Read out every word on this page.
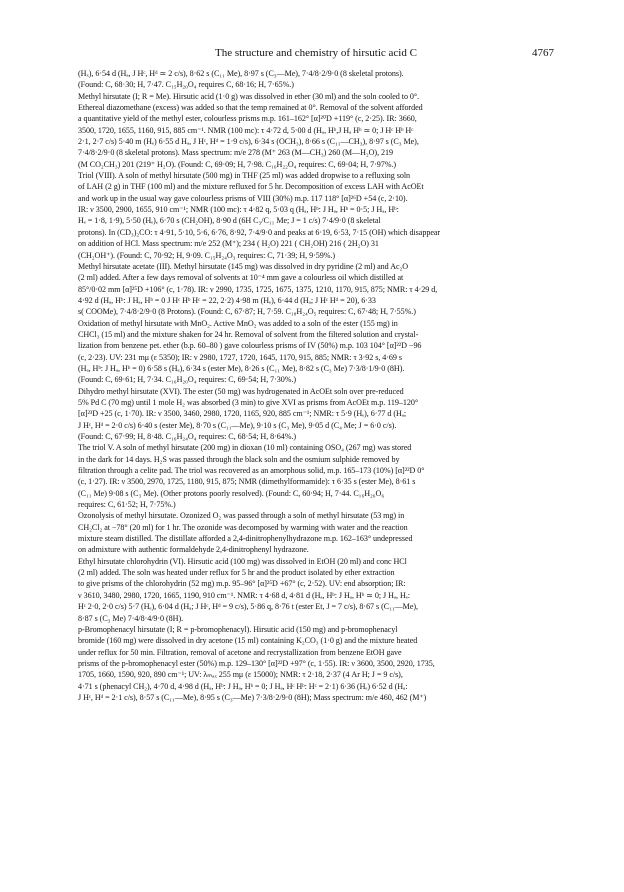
The structure and chemistry of hirsutic acid C	4767
(Hₓ), 6·54 d (Hₐ, J Hᶜ, Hᵈ ≃ 2 c/s), 8·62 s (C₁₁ Me), 8·97 s (C₃—Me), 7·4/8·2/9·0 (8 skeletal protons).
(Found: C, 68·30; H, 7·47. C₁₅H₂₀O₄ requires C, 68·16; H, 7·65%.)
Methyl hirsutate (I; R = Me). Hirsutic acid (1·0 g) was dissolved in ether (30 ml) and the soln cooled to 0°.
Ethereal diazomethane (excess) was added so that the temp remained at 0°. Removal of the solvent afforded
a quantitative yield of the methyl ester, colourless prisms m.p. 161–162° [α]²⁰D +119° (c, 2·25). IR: 3660,
3500, 1720, 1655, 1160, 915, 885 cm⁻¹. NMR (100 mc): τ 4·72 d, 5·00 d (Hₐ, Hᵇ,J Hₐ Hᵇ ≃ 0; J Hᶜ Hᵇ Hᶜ
2·1, 2·7 c/s) 5·40 m (Hₑ) 6·55 d Hₐ, J Hᶜ, Hᵈ = 1·9 c/s), 6·34 s (OCH₃), 8·66 s (C₁₁—CH₃), 8·97 s (C₃ Me),
7·4/8·2/9·0 (8 skeletal protons). Mass spectrum: m/e 278 (M⁺ 263 (M—CH₃) 260 (M—H₂O), 219
(M CO₂CH₃) 201 (219⁺ H₂O). (Found: C, 69·09; H, 7·98. C₁₆H₂₂O₄ requires: C, 69·04; H, 7·97%.)
Triol (VIII). A soln of methyl hirsutate (500 mg) in THF (25 ml) was added dropwise to a refluxing soln
of LAH (2 g) in THF (100 ml) and the mixture refluxed for 5 hr. Decomposition of excess LAH with AcOEt
and work up in the usual way gave colourless prisms of VIII (30%) m.p. 117 118° [α]²⁶D +54 (c, 2·10).
IR: ν 3500, 2900, 1655, 910 cm⁻¹; NMR (100 mc): τ 4·82 q, 5·03 q (Hₐ, Hᵇ: J Hₐ, Hᵇ = 0·5; J Hₐ, Hᵇ:
Hₑ = 1·8, 1·9), 5·50 (Hₑ), 6·70 s (CH₂OH), 8·90 d (6H C₃/C₁₁ Me; J = 1 c/s) 7·4/9·0 (8 skeletal
protons). In (CD₃)₂CO: τ 4·91, 5·10, 5·6, 6·76, 8·92, 7·4/9·0 and peaks at 6·19, 6·53, 7·15 (OH) which disappear
on addition of HCl. Mass spectrum: m/e 252 (M⁺); 234 ( H₂O) 221 ( CH₂OH) 216 ( 2H₂O) 31
(CH₂OH⁺). (Found: C, 70·92; H, 9·09. C₁₅H₂₄O₃ requires: C, 71·39; H, 9·59%.)
Methyl hirsutate acetate (III). Methyl hirsutate (145 mg) was dissolved in dry pyridine (2 ml) and Ac₂O
(2 ml) added. After a few days removal of solvents at 10⁻⁴ mm gave a colourless oil which distilled at
85°/0·02 mm [α]²⁵D +106° (c, 1·78). IR: ν 2990, 1735, 1725, 1675, 1375, 1210, 1170, 915, 875; NMR: τ 4·29 d,
4·92 d (Hₐ, Hᵇ: J Hₐ, Hᵇ = 0 J Hᶜ Hᵇ Hᶜ = 22, 2·2) 4·98 m (Hₑ), 6·44 d (Hₐ; J Hᶜ Hᵈ = 20), 6·33
s( COOMe), 7·4/8·2/9·0 (8 Protons). (Found: C, 67·87; H, 7·59. C₁₈H₂₄O₅ requires: C, 67·48; H, 7·55%.)
Oxidation of methyl hirsutate with MnO₂. Active MnO₂ was added to a soln of the ester (155 mg) in
CHCl₃ (15 ml) and the mixture shaken for 24 hr. Removal of solvent from the filtered solution and crystal-
lization from benzene pet. ether (b.p. 60–80 ) gave colourless prisms of IV (50%) m.p. 103 104° [α]²²D −96
(c, 2·23). UV: 231 mμ (ε 5350); IR: ν 2980, 1727, 1720, 1645, 1170, 915, 885; NMR: τ 3·92 s, 4·69 s
(Hₐ, Hᵇ: J Hₐ, Hᵇ = 0) 6·58 s (Hₐ), 6·34 s (ester Me), 8·26 s (C₁₁ Me), 8·82 s (C₃ Me) 7·3/8·1/9·0 (8H).
(Found: C, 69·61; H, 7·34. C₁₆H₂₀O₄ requires: C, 69·54; H, 7·30%.)
Dihydro methyl hirsutate (XVI). The ester (50 mg) was hydrogenated in AcOEt soln over pre-reduced
5% Pd C (70 mg) until 1 mole H₂ was absorbed (3 min) to give XVI as prisms from AcOEt m.p. 119–120°
[α]²³D +25 (c, 1·70). IR: ν 3500, 3460, 2980, 1720, 1165, 920, 885 cm⁻¹; NMR: τ 5·9 (Hₑ), 6·77 d (Hₐ;
J Hᶜ, Hᵈ = 2·0 c/s) 6·40 s (ester Me), 8·70 s (C₁₁—Me), 9·10 s (C₃ Me), 9·05 d (C₄ Me; J = 6·0 c/s).
(Found: C, 67·99; H, 8·48. C₁₆H₂₄O₄ requires: C, 68·54; H, 8·64%.)
The triol V. A soln of methyl hirsutate (200 mg) in dioxan (10 ml) containing OSO₄ (267 mg) was stored
in the dark for 14 days. H₂S was passed through the black soln and the osmium sulphide removed by
filtration through a celite pad. The triol was recovered as an amorphous solid, m.p. 165–173 (10%) [α]²²D 0°
(c, 1·27). IR: ν 3500, 2970, 1725, 1180, 915, 875; NMR (dimethylformamide): τ 6·35 s (ester Me), 8·61 s
(C₁₁ Me) 9·08 s (C₃ Me). (Other protons poorly resolved). (Found: C, 60·94; H, 7·44. C₁₆H₂₆O₆
requires: C, 61·52; H, 7·75%.)
Ozonolysis of methyl hirsutate. Ozonized O₂ was passed through a soln of methyl hirsutate (53 mg) in
CH₂Cl₂ at −78° (20 ml) for 1 hr. The ozonide was decomposed by warming with water and the reaction
mixture steam distilled. The distillate afforded a 2,4-dinitrophenylhydrazone m.p. 162–163° undepressed
on admixture with authentic formaldehyde 2,4-dinitrophenyl hydrazone.
Ethyl hirsutate chlorohydrin (VI). Hirsutic acid (100 mg) was dissolved in EtOH (20 ml) and conc HCl
(2 ml) added. The soln was heated under reflux for 5 hr and the product isolated by ether extraction
to give prisms of the chlorohydrin (52 mg) m.p. 95–96° [α]²⁵D +67° (c, 2·52). UV: end absorption; IR:
ν 3610, 3480, 2980, 1720, 1665, 1190, 910 cm⁻¹. NMR: τ 4·68 d, 4·81 d (Hₐ, Hᵇ: J Hₐ, Hᵇ ≃ 0; J Hₐ, Hₑ:
Hᶜ 2·0, 2·0 c/s) 5·7 (Hₑ), 6·04 d (Hₐ; J Hᶜ, Hᵈ = 9 c/s), 5·86 q, 8·76 t (ester Et, J = 7 c/s), 8·67 s (C₁₁—Me),
8·87 s (C₃ Me) 7·4/8·4/9·0 (8H).
p-Bromophenacyl hirsutate (I; R = p-bromophenacyl). Hirsutic acid (150 mg) and p-bromophenacyl
bromide (160 mg) were dissolved in dry acetone (15 ml) containing K₂CO₃ (1·0 g) and the mixture heated
under reflux for 50 min. Filtration, removal of acetone and recrystallization from benzene EtOH gave
prisms of the p-bromophenacyl ester (50%) m.p. 129–130° [α]²²D +97° (c, 1·55). IR: ν 3600, 3500, 2920, 1735,
1705, 1660, 1590, 920, 890 cm⁻¹; UV: λₘₐₓ 255 mμ (ε 15000); NMR: τ 2·18, 2·37 (4 Ar H; J = 9 c/s),
4·71 s (phenacyl CH₂), 4·70 d, 4·98 d (Hₐ, Hᵇ: J Hₐ, Hᵇ = 0; J Hₐ, Hᶜ Hᵇ: Hᶜ = 2·1) 6·36 (Hₑ) 6·52 d (Hₐ:
J Hᶜ, Hᵈ = 2·1 c/s), 8·57 s (C₁₁—Me), 8·95 s (C₃—Me) 7·3/8·2/9·0 (8H); Mass spectrum: m/e 460, 462 (M⁺)
